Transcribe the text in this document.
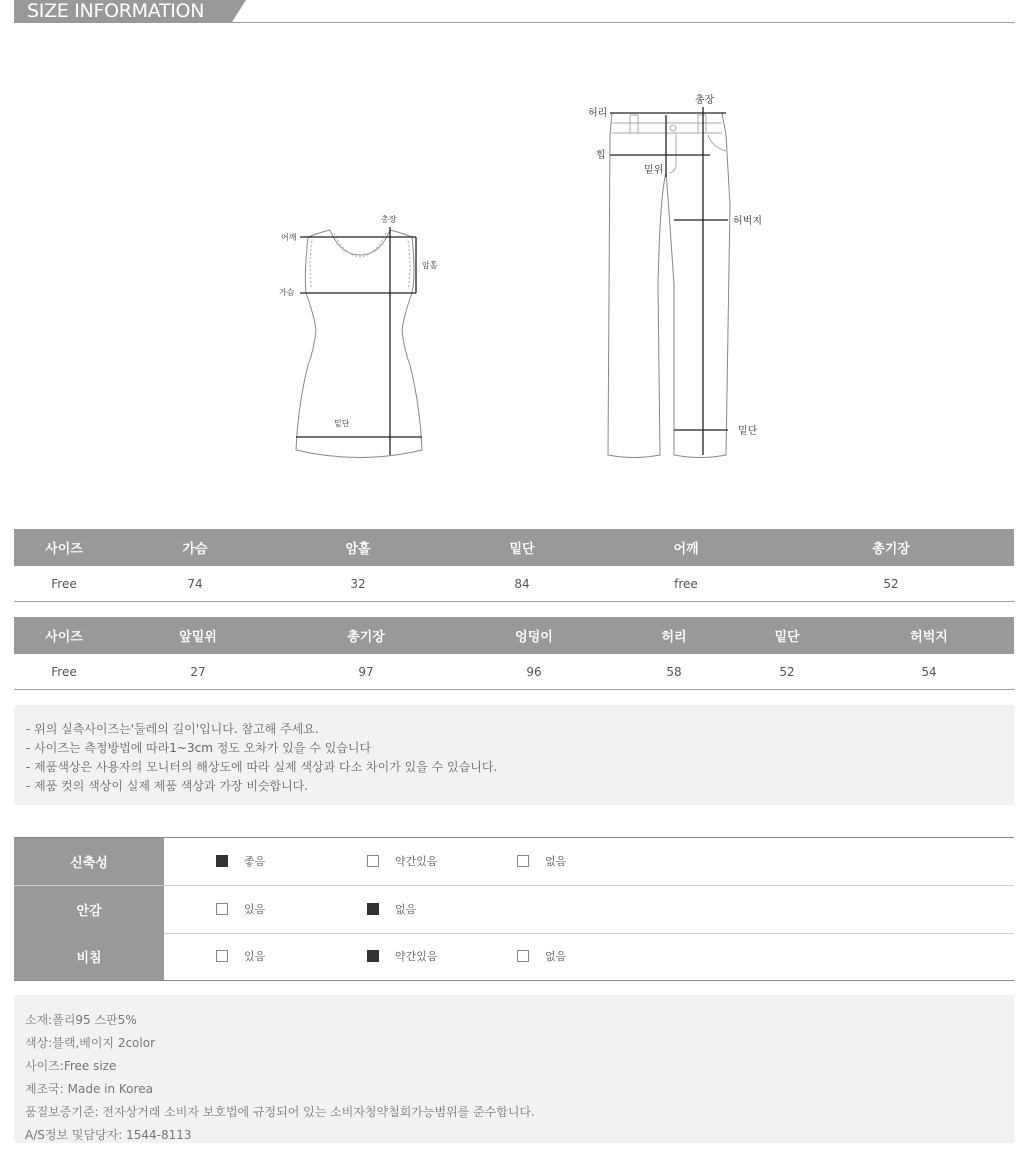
SIZE INFORMATION
어깨
총장
암홀
가슴
밑단
허리
총장
힙
밑위
허벅지
밑단
사이즈	가슴	암홀	밑단	어깨	총기장
Free	74	32	84	free	52
사이즈	앞밑위	총기장	엉덩이	허리	밑단	허벅지
Free	27	97	96	58	52	54
- 위의 실측사이즈는'둘레의 길이'입니다. 참고해 주세요.
- 사이즈는 측정방법에 따라1~3cm 정도 오차가 있을 수 있습니다
- 제품색상은 사용자의 모니터의 해상도에 따라 실제 색상과 다소 차이가 있을 수 있습니다.
- 제품 컷의 색상이 실제 제품 색상과 가장 비슷합니다.
신축성	좋음	약간있음	없음
안감	있음	없음
비침	있음	약간있음	없음
소재:폴리95 스판5%
색상:블랙,베이지 2color
사이즈:Free size
제조국: Made in Korea
품질보증기준: 전자상거래 소비자 보호법에 규정되어 있는 소비자청약철회가능범위를 준수합니다.
A/S정보 및담당자: 1544-8113
